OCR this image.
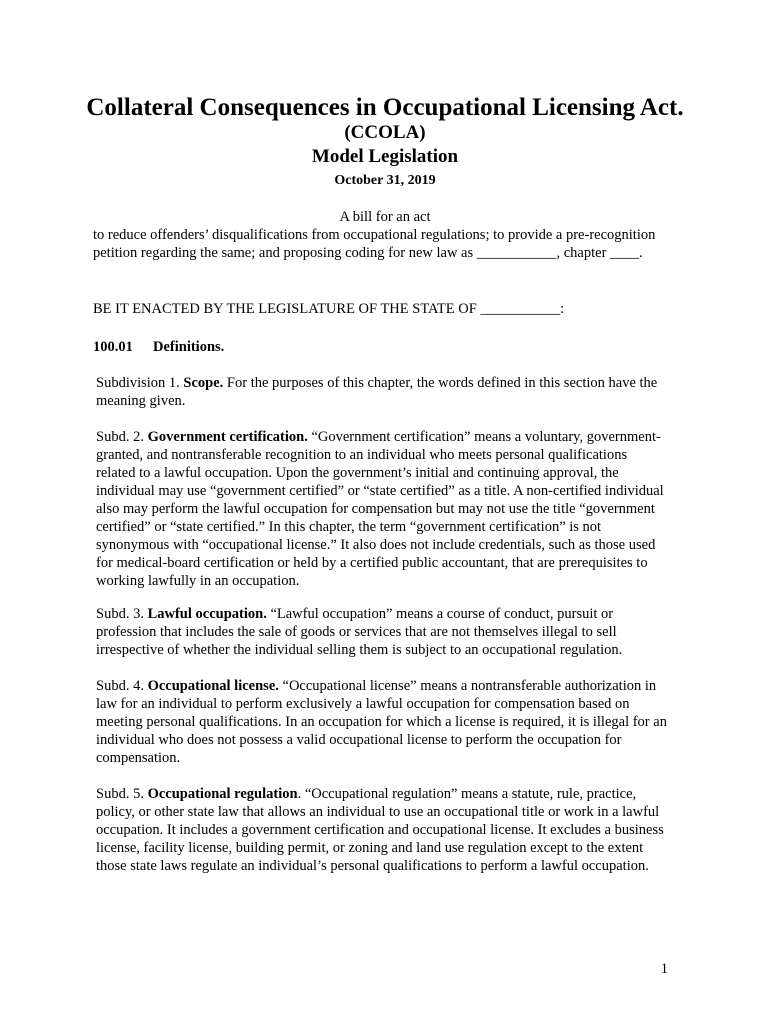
Collateral Consequences in Occupational Licensing Act.
(CCOLA)
Model Legislation
October 31, 2019
A bill for an act
to reduce offenders’ disqualifications from occupational regulations; to provide a pre-recognition petition regarding the same; and proposing coding for new law as ___________, chapter ____.
BE IT ENACTED BY THE LEGISLATURE OF THE STATE OF ___________:
100.01 Definitions.
Subdivision 1. Scope. For the purposes of this chapter, the words defined in this section have the meaning given.
Subd. 2. Government certification. “Government certification” means a voluntary, government-granted, and nontransferable recognition to an individual who meets personal qualifications related to a lawful occupation. Upon the government’s initial and continuing approval, the individual may use “government certified” or “state certified” as a title. A non-certified individual also may perform the lawful occupation for compensation but may not use the title “government certified” or “state certified.” In this chapter, the term “government certification” is not synonymous with “occupational license.” It also does not include credentials, such as those used for medical-board certification or held by a certified public accountant, that are prerequisites to working lawfully in an occupation.
Subd. 3. Lawful occupation. “Lawful occupation” means a course of conduct, pursuit or profession that includes the sale of goods or services that are not themselves illegal to sell irrespective of whether the individual selling them is subject to an occupational regulation.
Subd. 4. Occupational license. “Occupational license” means a nontransferable authorization in law for an individual to perform exclusively a lawful occupation for compensation based on meeting personal qualifications. In an occupation for which a license is required, it is illegal for an individual who does not possess a valid occupational license to perform the occupation for compensation.
Subd. 5. Occupational regulation. “Occupational regulation” means a statute, rule, practice, policy, or other state law that allows an individual to use an occupational title or work in a lawful occupation. It includes a government certification and occupational license. It excludes a business license, facility license, building permit, or zoning and land use regulation except to the extent those state laws regulate an individual’s personal qualifications to perform a lawful occupation.
1
